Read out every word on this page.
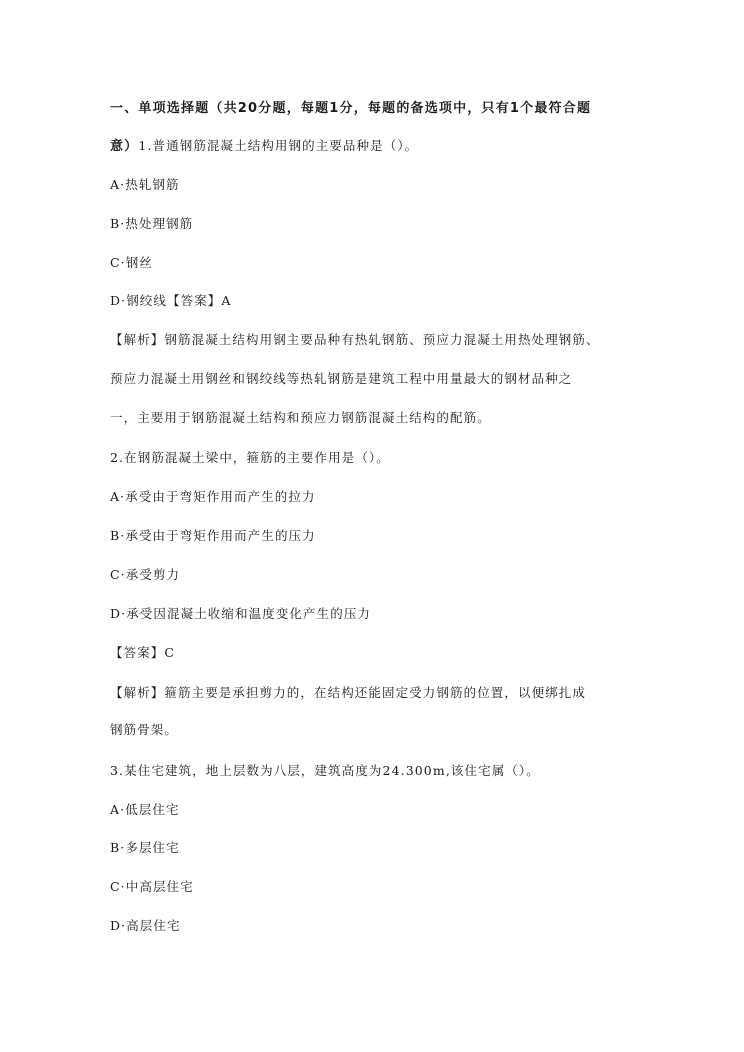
一、单项选择题（共20分题，每题1分，每题的备选项中，只有1个最符合题
意）1.普通钢筋混凝土结构用钢的主要品种是（）。
A·热轧钢筋
B·热处理钢筋
C·钢丝
D·钢绞线【答案】A
【解析】钢筋混凝土结构用钢主要品种有热轧钢筋、预应力混凝土用热处理钢筋、
预应力混凝土用钢丝和钢绞线等热轧钢筋是建筑工程中用量最大的钢材品种之
一，主要用于钢筋混凝土结构和预应力钢筋混凝土结构的配筋。
2.在钢筋混凝土梁中，箍筋的主要作用是（）。
A·承受由于弯矩作用而产生的拉力
B·承受由于弯矩作用而产生的压力
C·承受剪力
D·承受因混凝土收缩和温度变化产生的压力
【答案】C
【解析】箍筋主要是承担剪力的，在结构还能固定受力钢筋的位置，以便绑扎成
钢筋骨架。
3.某住宅建筑，地上层数为八层，建筑高度为24.300m,该住宅属（）。
A·低层住宅
B·多层住宅
C·中高层住宅
D·高层住宅
